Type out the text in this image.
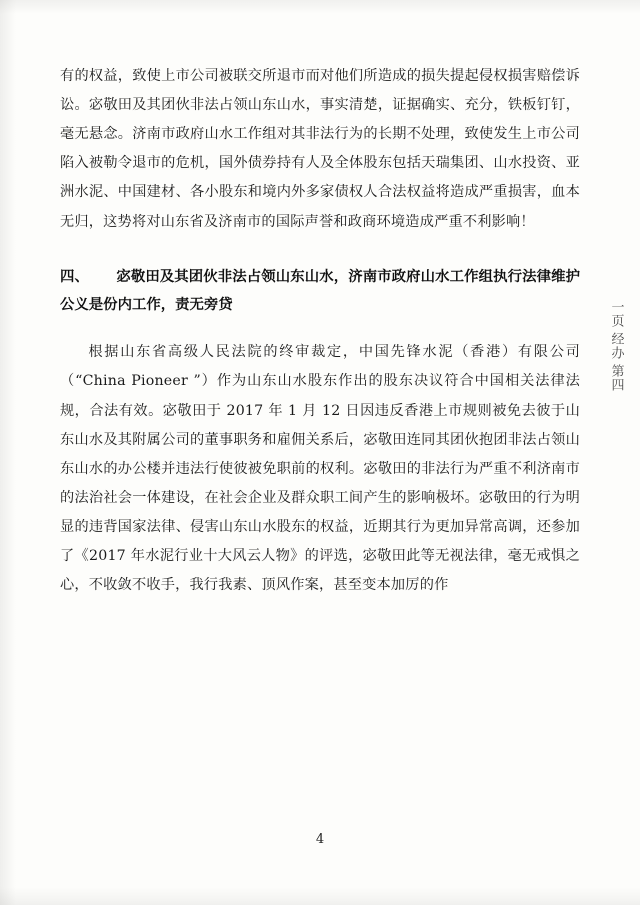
有的权益，致使上市公司被联交所退市而对他们所造成的损失提起侵权损害赔偿诉讼。宓敬田及其团伙非法占领山东山水，事实清楚，证据确实、充分，铁板钉钉，毫无悬念。济南市政府山水工作组对其非法行为的长期不处理，致使发生上市公司陷入被勒令退市的危机，国外债券持有人及全体股东包括天瑞集团、山水投资、亚洲水泥、中国建材、各小股东和境内外多家债权人合法权益将造成严重损害，血本无归，这势将对山东省及济南市的国际声誉和政商环境造成严重不利影响！

四、 宓敬田及其团伙非法占领山东山水，济南市政府山水工作组执行法律维护公义是份内工作，责无旁贷

根据山东省高级人民法院的终审裁定，中国先锋水泥（香港）有限公司（“China Pioneer ”）作为山东山水股东作出的股东决议符合中国相关法律法规，合法有效。宓敬田于 2017 年 1 月 12 日因违反香港上市规则被免去彼于山东山水及其附属公司的董事职务和雇佣关系后，宓敬田连同其团伙抱团非法占领山东山水的办公楼并违法行使彼被免职前的权利。宓敬田的非法行为严重不利济南市的法治社会一体建设，在社会企业及群众职工间产生的影响极坏。宓敬田的行为明显的违背国家法律、侵害山东山水股东的权益，近期其行为更加异常高调，还参加了《2017 年水泥行业十大风云人物》的评选，宓敬田此等无视法律，毫无戒惧之心，不收敛不收手，我行我素、顶风作案，甚至变本加厉的作

一页
经办
第四
4
